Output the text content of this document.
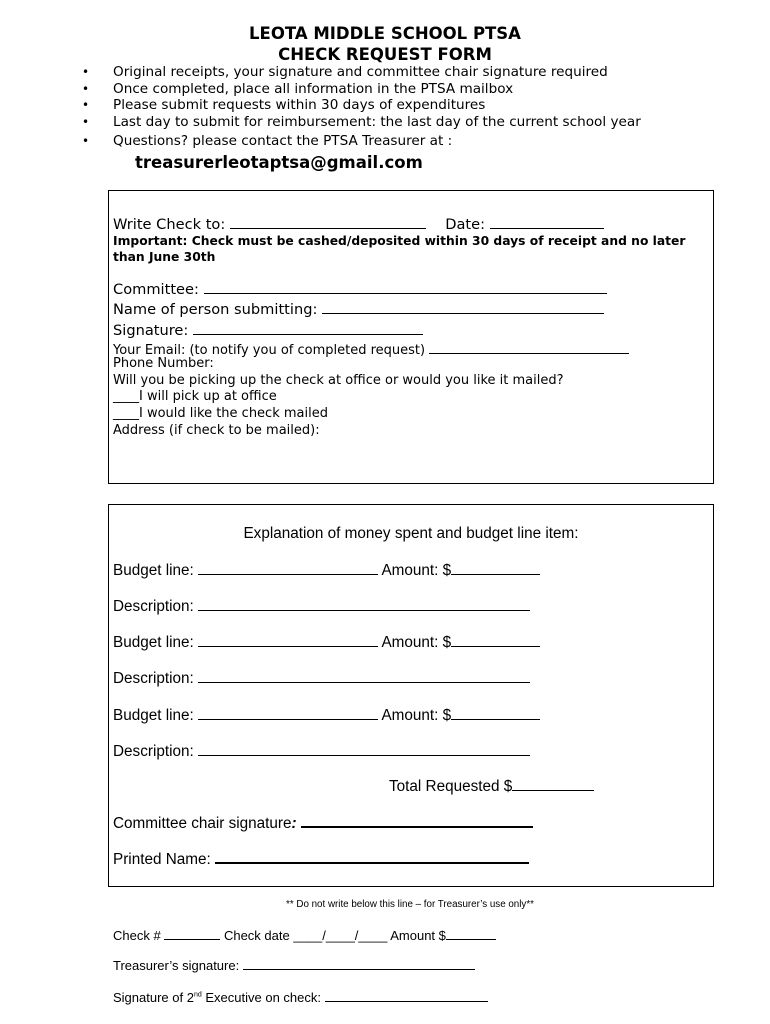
LEOTA MIDDLE SCHOOL PTSA
CHECK REQUEST FORM
• Original receipts, your signature and committee chair signature required
• Once completed, place all information in the PTSA mailbox
• Please submit requests within 30 days of expenditures
• Last day to submit for reimbursement: the last day of the current school year
• Questions? please contact the PTSA Treasurer at :
treasurerleotaptsa@gmail.com
Write Check to:	Date:
Important: Check must be cashed/deposited within 30 days of receipt and no later
than June 30th
Committee:
Name of person submitting:
Signature:
Your Email: (to notify you of completed request)
Phone Number:
Will you be picking up the check at office or would you like it mailed?
____I will pick up at office
____I would like the check mailed
Address (if check to be mailed):
Explanation of money spent and budget line item:
Budget line:	Amount: $
Description:
Budget line:	Amount: $
Description:
Budget line:	Amount: $
Description:
Total Requested $
Committee chair signature:
Printed Name:
** Do not write below this line – for Treasurer’s use only**
Check #	Check date ____/____/____ Amount $
Treasurer’s signature:
Signature of 2nd Executive on check:
